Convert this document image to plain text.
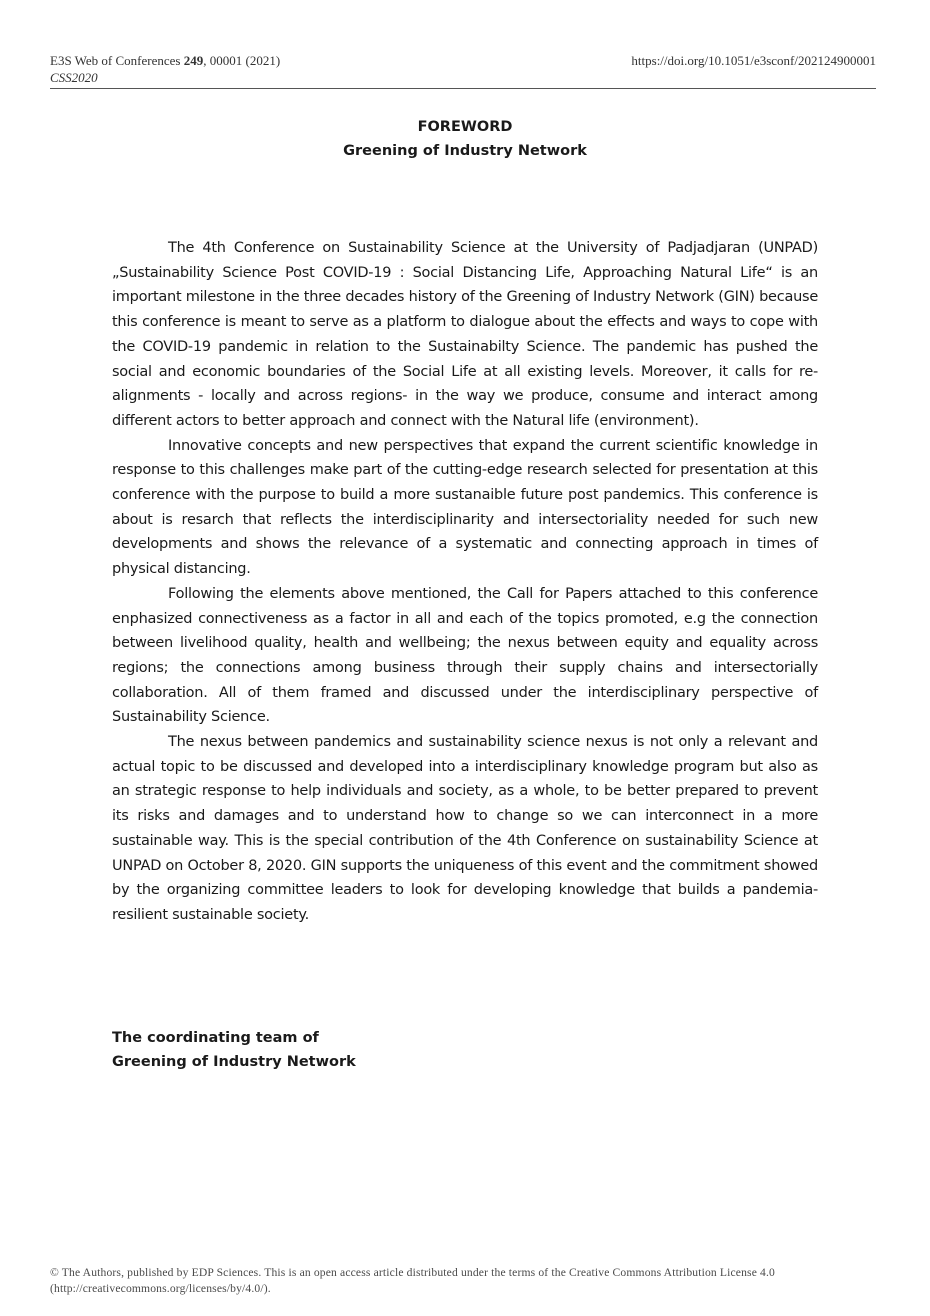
E3S Web of Conferences 249, 00001 (2021)
CSS2020
https://doi.org/10.1051/e3sconf/202124900001
FOREWORD
Greening of Industry Network

The 4th Conference on Sustainability Science at the University of Padjadjaran (UNPAD) „Sustainability Science Post COVID-19 : Social Distancing Life, Approaching Natural Life“ is an important milestone in the three decades history of the Greening of Industry Network (GIN) because this conference is meant to serve as a platform to dialogue about the effects and ways to cope with the COVID-19 pandemic in relation to the Sustainabilty Science. The pandemic has pushed the social and economic boundaries of the Social Life at all existing levels. Moreover, it calls for re-alignments - locally and across regions- in the way we produce, consume and interact among different actors to better approach and connect with the Natural life (environment).

Innovative concepts and new perspectives that expand the current scientific knowledge in response to this challenges make part of the cutting-edge research selected for presentation at this conference with the purpose to build a more sustanaible future post pandemics. This conference is about is resarch that reflects the interdisciplinarity and intersectoriality needed for such new developments and shows the relevance of a systematic and connecting approach in times of physical distancing.

Following the elements above mentioned, the Call for Papers attached to this conference enphasized connectiveness as a factor in all and each of the topics promoted, e.g the connection between livelihood quality, health and wellbeing; the nexus between equity and equality across regions; the connections among business through their supply chains and intersectorially collaboration. All of them framed and discussed under the interdisciplinary perspective of Sustainability Science.

The nexus between pandemics and sustainability science nexus is not only a relevant and actual topic to be discussed and developed into a interdisciplinary knowledge program but also as an strategic response to help individuals and society, as a whole, to be better prepared to prevent its risks and damages and to understand how to change so we can interconnect in a more sustainable way. This is the special contribution of the 4th Conference on sustainability Science at UNPAD on October 8, 2020. GIN supports the uniqueness of this event and the commitment showed by the organizing committee leaders to look for developing knowledge that builds a pandemia-resilient sustainable society.

The coordinating team of
Greening of Industry Network
© The Authors, published by EDP Sciences. This is an open access article distributed under the terms of the Creative Commons Attribution License 4.0
(http://creativecommons.org/licenses/by/4.0/).
